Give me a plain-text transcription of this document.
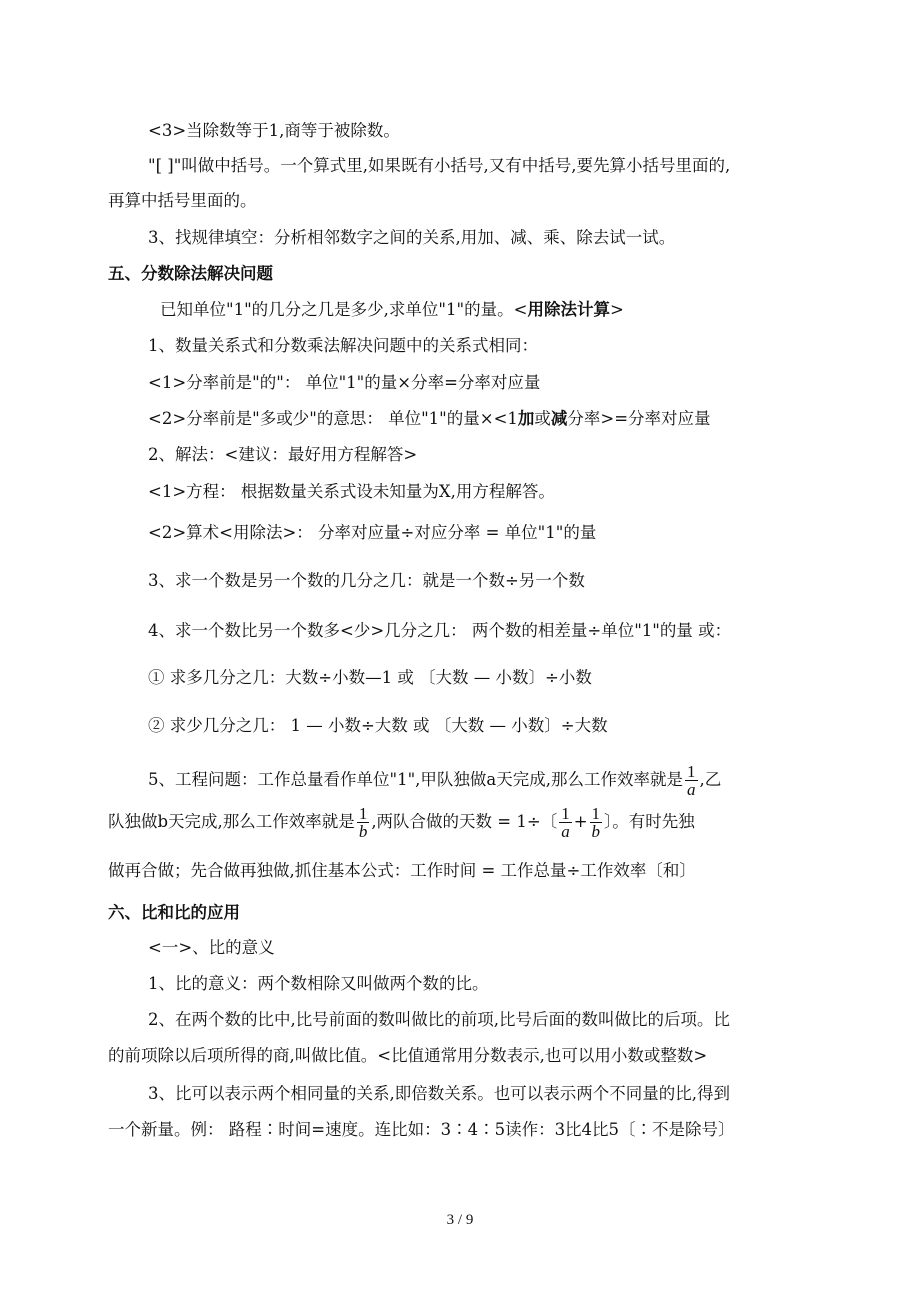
<3>当除数等于1,商等于被除数。
"[ ]"叫做中括号。一个算式里,如果既有小括号,又有中括号,要先算小括号里面的,
再算中括号里面的。
3、找规律填空：分析相邻数字之间的关系,用加、减、乘、除去试一试。
五、分数除法解决问题
已知单位"1"的几分之几是多少,求单位"1"的量。<用除法计算>
1、数量关系式和分数乘法解决问题中的关系式相同：
<1>分率前是"的"： 单位"1"的量×分率=分率对应量
<2>分率前是"多或少"的意思： 单位"1"的量×<1加或减分率>=分率对应量
2、解法：<建议：最好用方程解答>
<1>方程： 根据数量关系式设未知量为X,用方程解答。
<2>算术<用除法>： 分率对应量÷对应分率 = 单位"1"的量
3、求一个数是另一个数的几分之几：就是一个数÷另一个数
4、求一个数比另一个数多<少>几分之几： 两个数的相差量÷单位"1"的量 或：
① 求多几分之几：大数÷小数—1 或 〔大数 — 小数〕÷小数
② 求少几分之几： 1 — 小数÷大数 或 〔大数 — 小数〕÷大数
5、工程问题：工作总量看作单位"1",甲队独做a天完成,那么工作效率就是 $\frac{1}{a}$ ,乙
队独做b天完成,那么工作效率就是 $\frac{1}{b}$ ,两队合做的天数 = 1÷〔 $\frac{1}{a} + \frac{1}{b}$ 〕。有时先独
做再合做；先合做再独做,抓住基本公式：工作时间 = 工作总量÷工作效率〔和〕
六、比和比的应用
<一>、比的意义
1、比的意义：两个数相除又叫做两个数的比。
2、在两个数的比中,比号前面的数叫做比的前项,比号后面的数叫做比的后项。比
的前项除以后项所得的商,叫做比值。<比值通常用分数表示,也可以用小数或整数>
3、比可以表示两个相同量的关系,即倍数关系。也可以表示两个不同量的比,得到
一个新量。例： 路程∶时间=速度。连比如：3∶4∶5读作：3比4比5〔∶不是除号〕
3 / 9
